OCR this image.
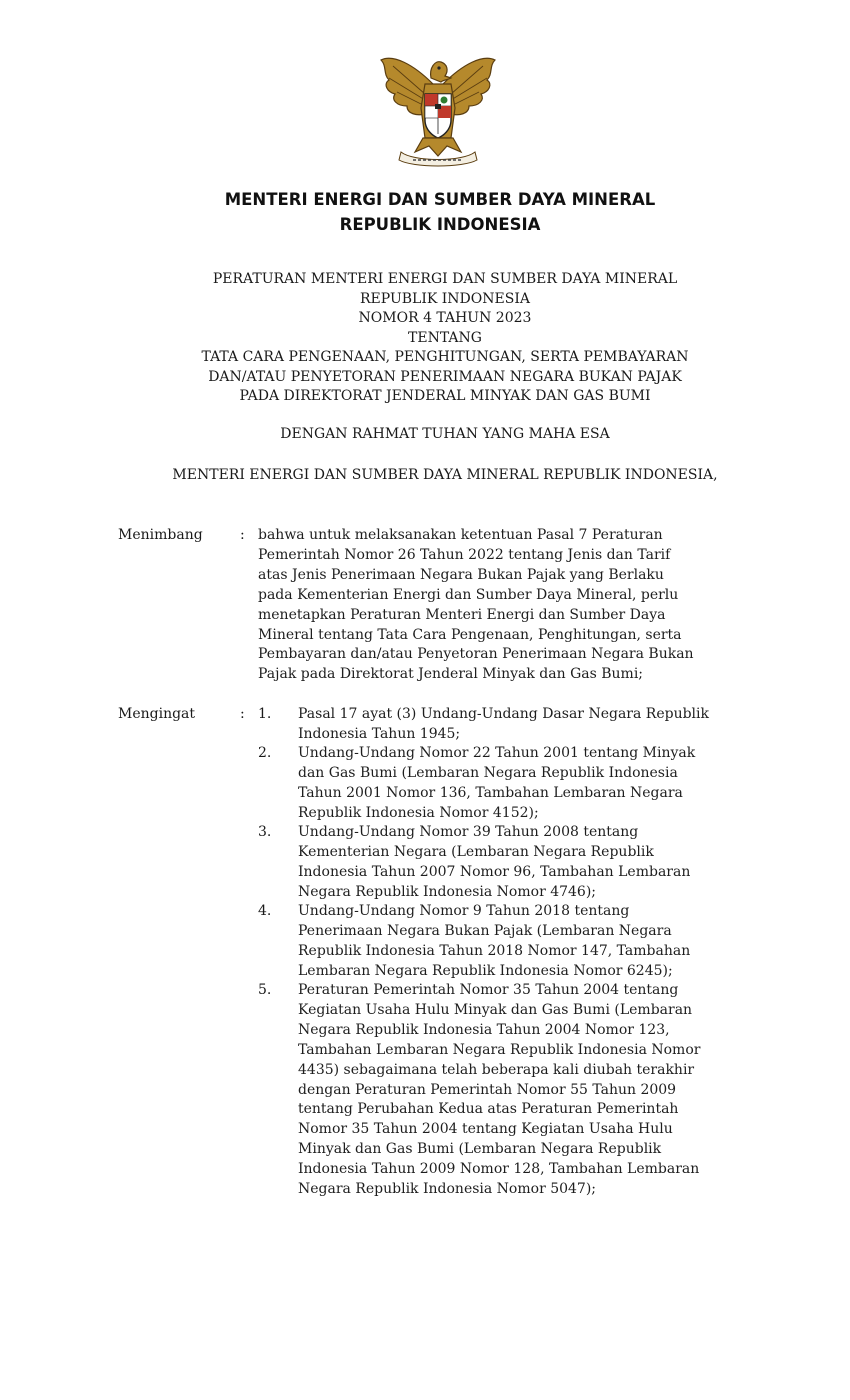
MENTERI ENERGI DAN SUMBER DAYA MINERAL
REPUBLIK INDONESIA
PERATURAN MENTERI ENERGI DAN SUMBER DAYA MINERAL
REPUBLIK INDONESIA
NOMOR 4 TAHUN 2023
TENTANG
TATA CARA PENGENAAN, PENGHITUNGAN, SERTA PEMBAYARAN
DAN/ATAU PENYETORAN PENERIMAAN NEGARA BUKAN PAJAK
PADA DIREKTORAT JENDERAL MINYAK DAN GAS BUMI
DENGAN RAHMAT TUHAN YANG MAHA ESA
MENTERI ENERGI DAN SUMBER DAYA MINERAL REPUBLIK INDONESIA,
Menimbang	: bahwa untuk melaksanakan ketentuan Pasal 7 Peraturan
Pemerintah Nomor 26 Tahun 2022 tentang Jenis dan Tarif
atas Jenis Penerimaan Negara Bukan Pajak yang Berlaku
pada Kementerian Energi dan Sumber Daya Mineral, perlu
menetapkan Peraturan Menteri Energi dan Sumber Daya
Mineral tentang Tata Cara Pengenaan, Penghitungan, serta
Pembayaran dan/atau Penyetoran Penerimaan Negara Bukan
Pajak pada Direktorat Jenderal Minyak dan Gas Bumi;
Mengingat	: 1. Pasal 17 ayat (3) Undang-Undang Dasar Negara Republik
Indonesia Tahun 1945;
2. Undang-Undang Nomor 22 Tahun 2001 tentang Minyak
dan Gas Bumi (Lembaran Negara Republik Indonesia
Tahun 2001 Nomor 136, Tambahan Lembaran Negara
Republik Indonesia Nomor 4152);
3. Undang-Undang Nomor 39 Tahun 2008 tentang
Kementerian Negara (Lembaran Negara Republik
Indonesia Tahun 2007 Nomor 96, Tambahan Lembaran
Negara Republik Indonesia Nomor 4746);
4. Undang-Undang Nomor 9 Tahun 2018 tentang
Penerimaan Negara Bukan Pajak (Lembaran Negara
Republik Indonesia Tahun 2018 Nomor 147, Tambahan
Lembaran Negara Republik Indonesia Nomor 6245);
5. Peraturan Pemerintah Nomor 35 Tahun 2004 tentang
Kegiatan Usaha Hulu Minyak dan Gas Bumi (Lembaran
Negara Republik Indonesia Tahun 2004 Nomor 123,
Tambahan Lembaran Negara Republik Indonesia Nomor
4435) sebagaimana telah beberapa kali diubah terakhir
dengan Peraturan Pemerintah Nomor 55 Tahun 2009
tentang Perubahan Kedua atas Peraturan Pemerintah
Nomor 35 Tahun 2004 tentang Kegiatan Usaha Hulu
Minyak dan Gas Bumi (Lembaran Negara Republik
Indonesia Tahun 2009 Nomor 128, Tambahan Lembaran
Negara Republik Indonesia Nomor 5047);
